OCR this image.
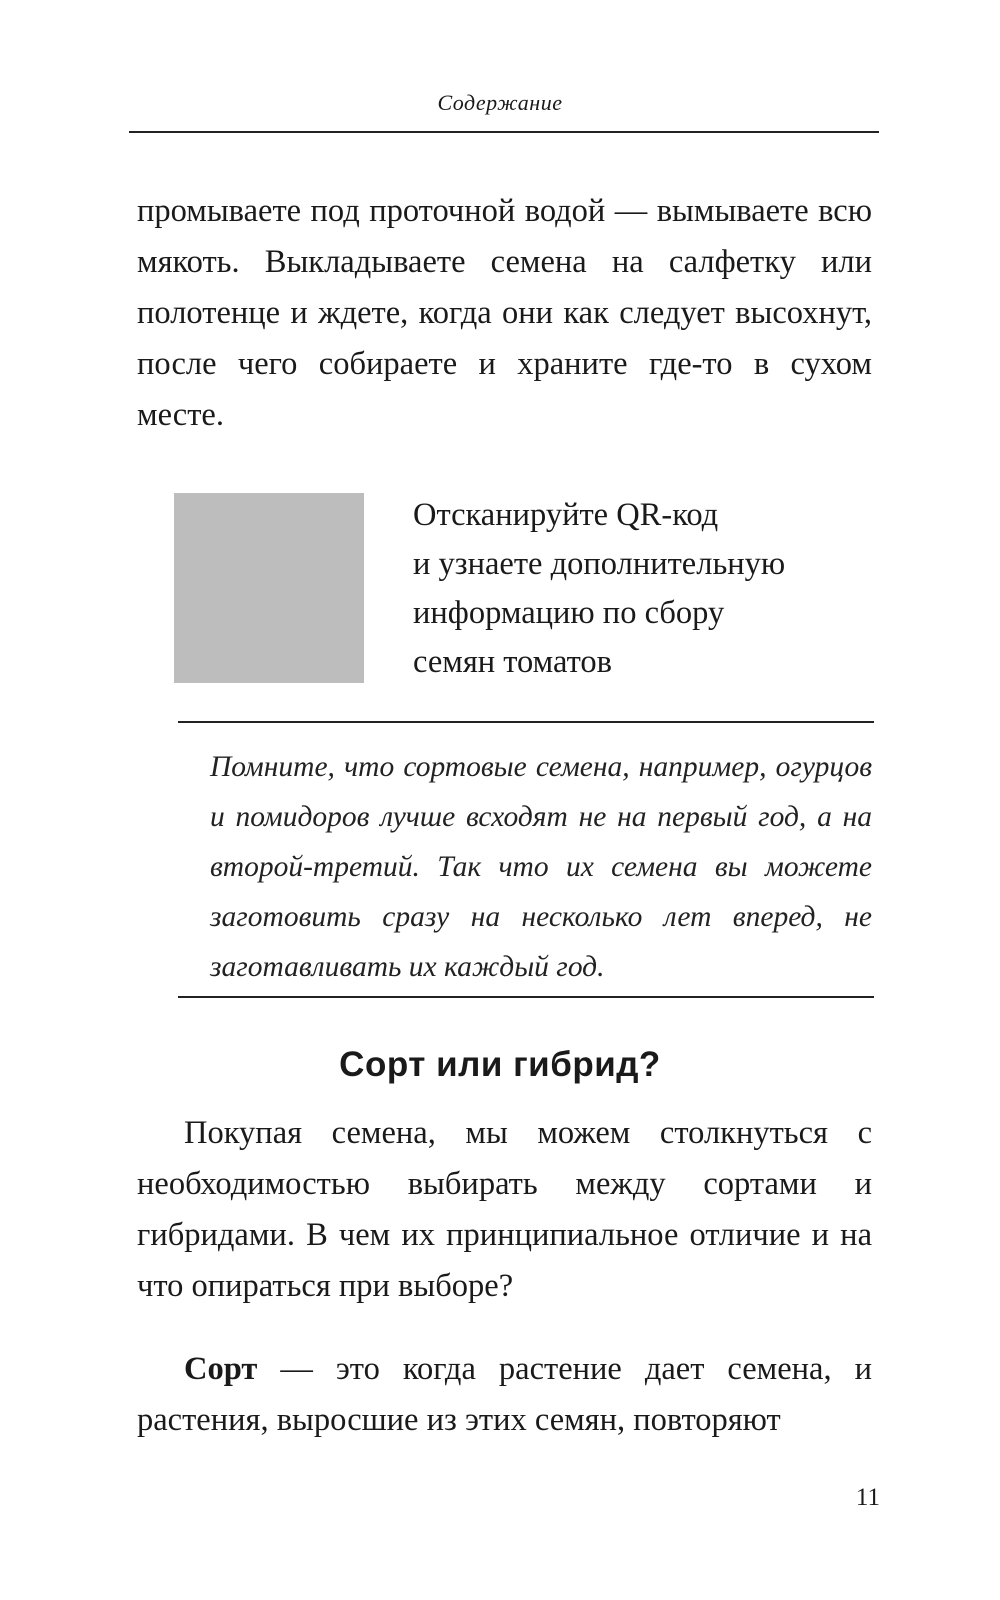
Содержание

промываете под проточной водой — вымываете всю мякоть. Выкладываете семена на салфетку или полотенце и ждете, когда они как следует высохнут, после чего собираете и храните где-то в сухом месте.

Отсканируйте QR-код
и узнаете дополнительную
информацию по сбору
семян томатов

Помните, что сортовые семена, например, огурцов и помидоров лучше всходят не на первый год, а на второй-третий. Так что их семена вы можете заготовить сразу на несколько лет вперед, не заготавливать их каждый год.

Сорт или гибрид?

Покупая семена, мы можем столкнуться с необходимостью выбирать между сортами и гибридами. В чем их принципиальное отличие и на что опираться при выборе?

Сорт — это когда растение дает семена, и растения, выросшие из этих семян, повторяют

11
